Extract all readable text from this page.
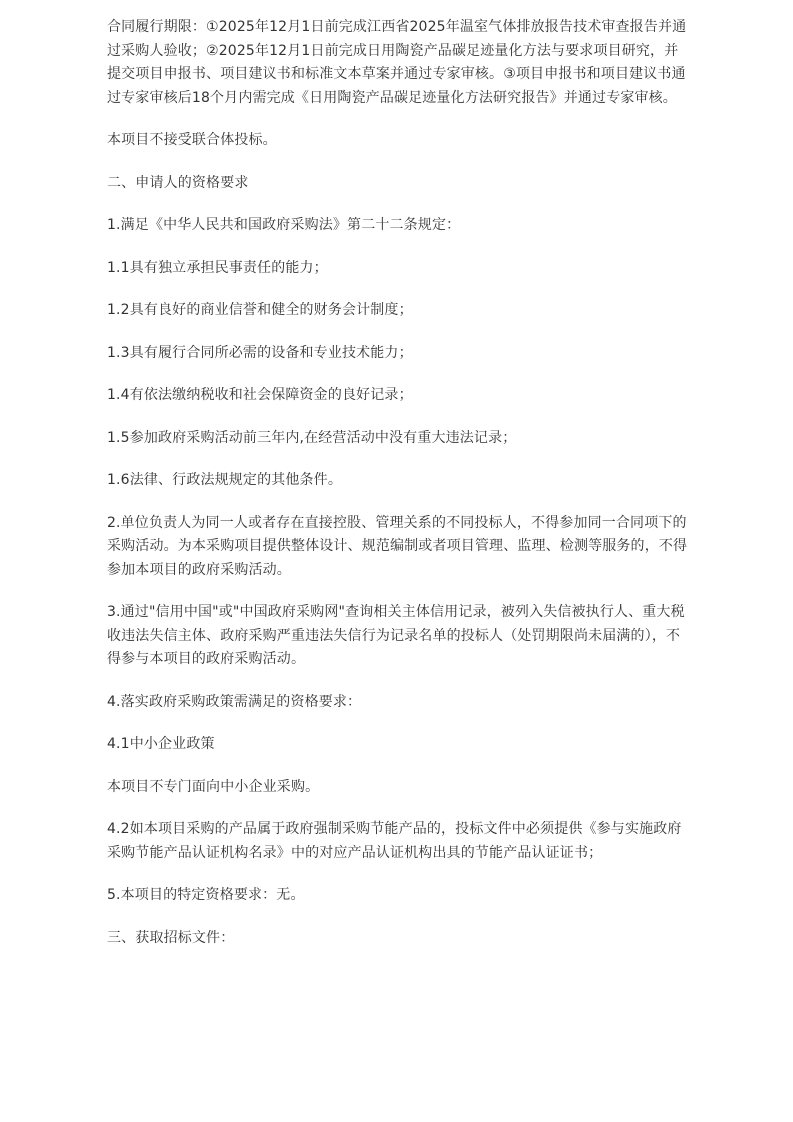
合同履行期限：①2025年12月1日前完成江西省2025年温室气体排放报告技术审查报告并通过采购人验收；②2025年12月1日前完成日用陶瓷产品碳足迹量化方法与要求项目研究，并提交项目申报书、项目建议书和标准文本草案并通过专家审核。③项目申报书和项目建议书通过专家审核后18个月内需完成《日用陶瓷产品碳足迹量化方法研究报告》并通过专家审核。

本项目不接受联合体投标。

二、申请人的资格要求

1.满足《中华人民共和国政府采购法》第二十二条规定：

1.1具有独立承担民事责任的能力；

1.2具有良好的商业信誉和健全的财务会计制度；

1.3具有履行合同所必需的设备和专业技术能力；

1.4有依法缴纳税收和社会保障资金的良好记录；

1.5参加政府采购活动前三年内,在经营活动中没有重大违法记录；

1.6法律、行政法规规定的其他条件。

2.单位负责人为同一人或者存在直接控股、管理关系的不同投标人，不得参加同一合同项下的采购活动。为本采购项目提供整体设计、规范编制或者项目管理、监理、检测等服务的，不得参加本项目的政府采购活动。

3.通过"信用中国"或"中国政府采购网"查询相关主体信用记录，被列入失信被执行人、重大税收违法失信主体、政府采购严重违法失信行为记录名单的投标人（处罚期限尚未届满的），不得参与本项目的政府采购活动。

4.落实政府采购政策需满足的资格要求：

4.1中小企业政策

本项目不专门面向中小企业采购。

4.2如本项目采购的产品属于政府强制采购节能产品的，投标文件中必须提供《参与实施政府采购节能产品认证机构名录》中的对应产品认证机构出具的节能产品认证证书；

5.本项目的特定资格要求：无。

三、获取招标文件：
